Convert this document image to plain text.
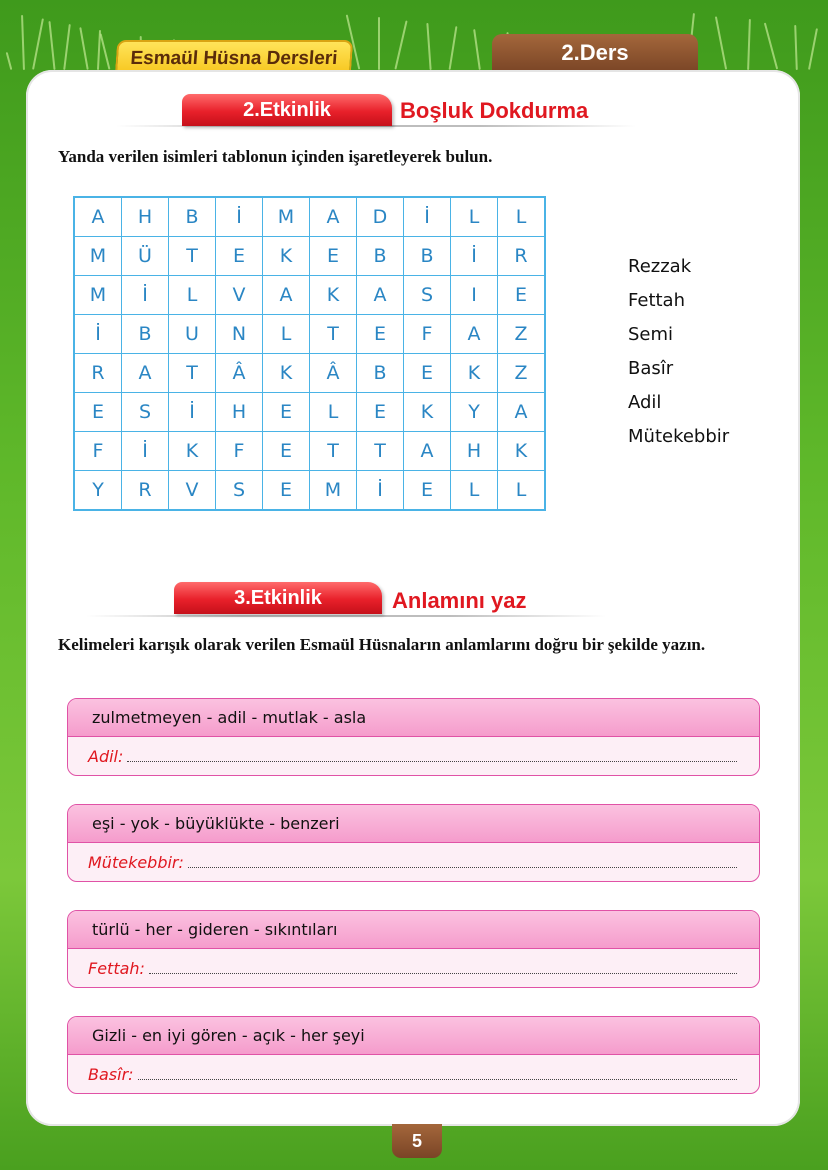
Esmaül Hüsna Dersleri	2.Ders
2.Etkinlik	Boşluk Dokdurma
Yanda verilen isimleri tablonun içinden işaretleyerek bulun.
3.Etkinlik	Anlamını yaz
Kelimeleri karışık olarak verilen Esmaül Hüsnaların anlamlarını doğru bir şekilde yazın.
A	H	B	İ	M	A	D	İ	L	L
M	Ü	T	E	K	E	B	B	İ	R
M	İ	L	V	A	K	A	S	I	E
İ	B	U	N	L	T	E	F	A	Z
R	A	T	Â	K	Â	B	E	K	Z
E	S	İ	H	E	L	E	K	Y	A
F	İ	K	F	E	T	T	A	H	K
Y	R	V	S	E	M	İ	E	L	L
Rezzak
Fettah
Semi
Basîr
Adil
Mütekebbir
zulmetmeyen - adil - mutlak - asla
Adil:
eşi - yok - büyüklükte - benzeri
Mütekebbir:
türlü - her - gideren - sıkıntıları
Fettah:
Gizli - en iyi gören - açık - her şeyi
Basîr:
5
